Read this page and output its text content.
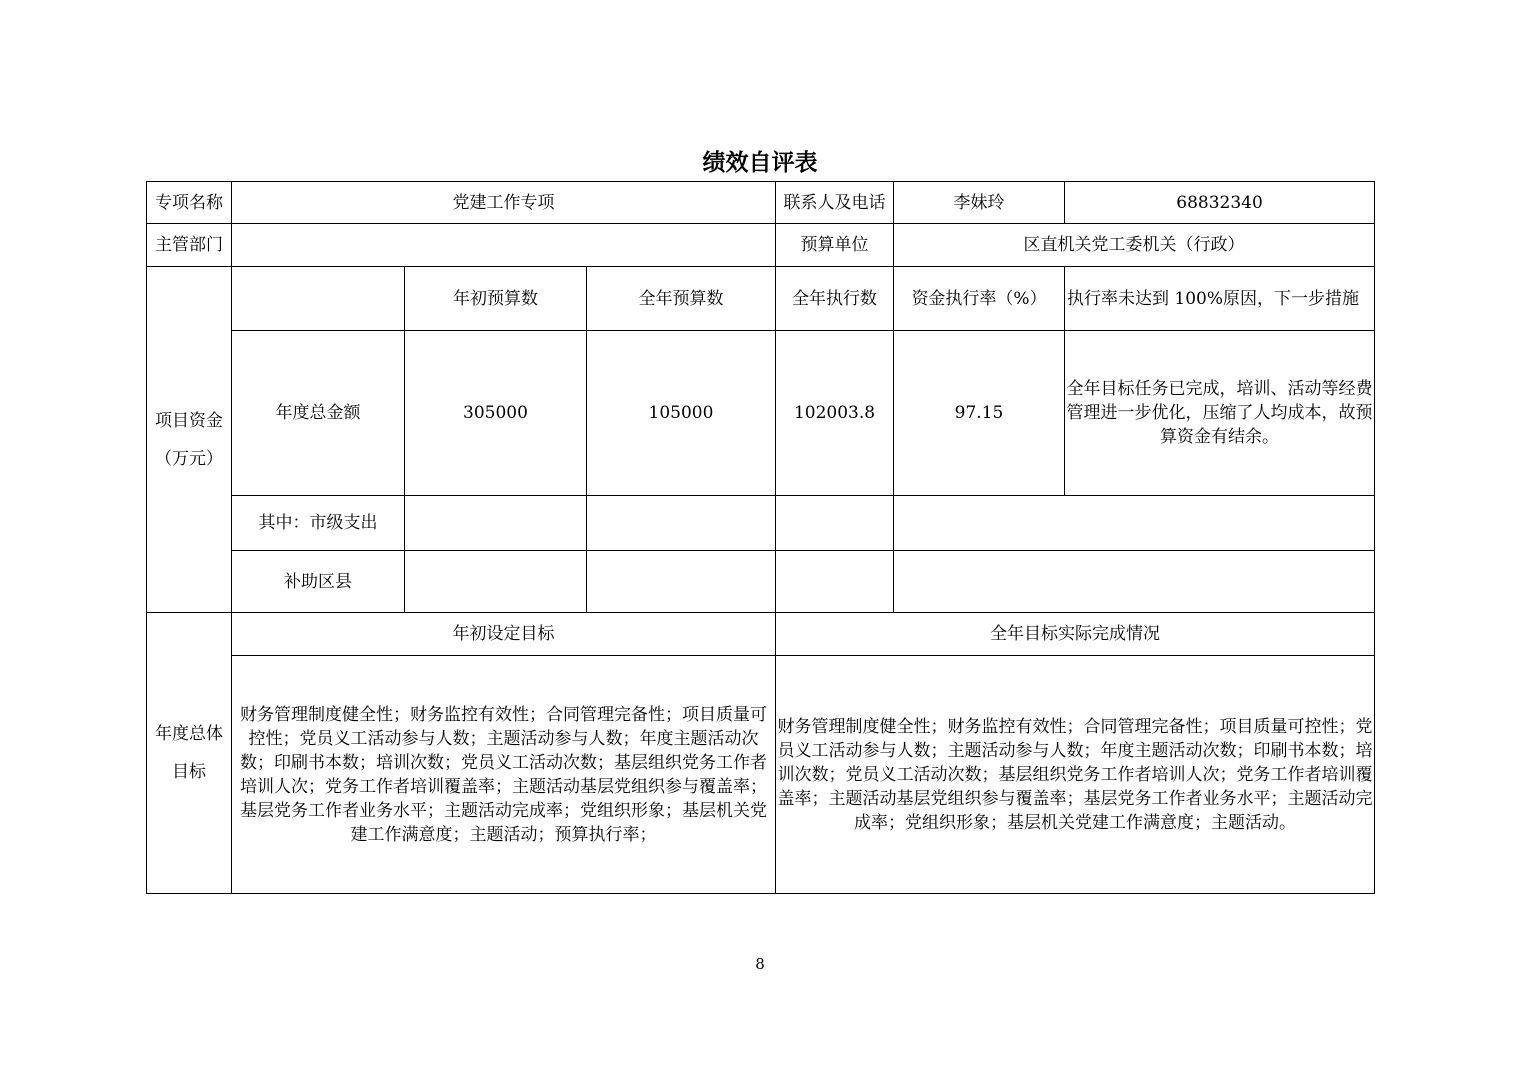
绩效自评表
专项名称	党建工作专项			联系人及电话	李妹玲	68832340
主管部门				预算单位	区直机关党工委机关（行政）	

项目资金
（万元）		年初预算数	全年预算数	全年执行数	资金执行率（%）	执行率未达到 100%原因，下一步措施
	年度总金额	305000	105000	102003.8	97.15	全年目标任务已完成，培训、活动等经费管理进一步优化，压缩了人均成本，故预算资金有结余。
	其中：市级支出					
	补助区县					

年度总体
目标	年初设定目标			全年目标实际完成情况		
	财务管理制度健全性；财务监控有效性；合同管理完备性；项目质量可控性；党员义工活动参与人数；主题活动参与人数；年度主题活动次数；印刷书本数；培训次数；党员义工活动次数；基层组织党务工作者培训人次；党务工作者培训覆盖率；主题活动基层党组织参与覆盖率；基层党务工作者业务水平；主题活动完成率；党组织形象；基层机关党建工作满意度；主题活动；预算执行率；			财务管理制度健全性；财务监控有效性；合同管理完备性；项目质量可控性；党员义工活动参与人数；主题活动参与人数；年度主题活动次数；印刷书本数；培训次数；党员义工活动次数；基层组织党务工作者培训人次；党务工作者培训覆盖率；主题活动基层党组织参与覆盖率；基层党务工作者业务水平；主题活动完成率；党组织形象；基层机关党建工作满意度；主题活动。		
8
